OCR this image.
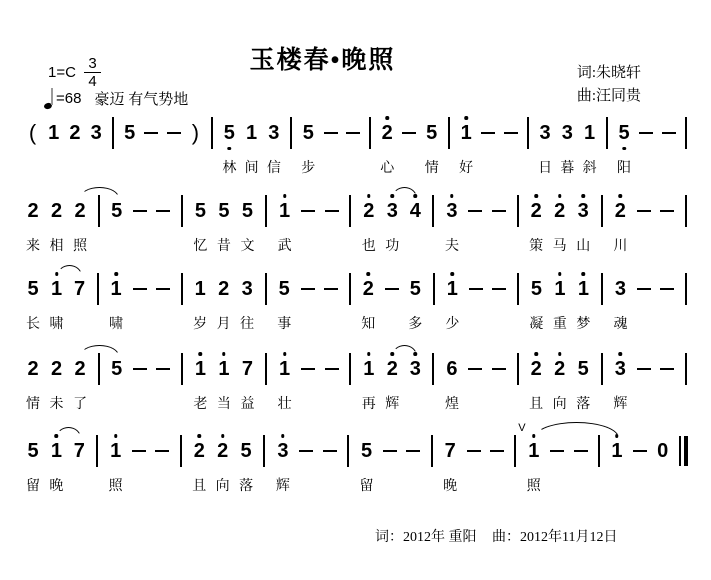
玉楼春•晚照	词:朱晓轩
曲:汪同贵
$1=C \frac{3}{4}$
=68 豪迈 有气势地
( 1 2 3 5	) 5
林
1
间
3
信
5
步
2
心
5
情
1
好
3
日
3
暮
1
斜
5
阳
2
来
2
相
2
照
5	5
忆
5
昔
5
文
1
武
2
也
3
功
4 3
夫
2
策
2
马
3
山
2
川
5
长
1
啸
7 1
啸
1
岁
2
月
3
往
5
事
2
知
5
多
1
少
5
凝
1
重
1
梦
3
魂
2
情
2
未
2
了
5	1
老
1
当
7
益
1
壮
1
再
2
辉
3 6
煌
2
且
2
向
5
落
3
辉
5
留
1
晚
7 1
照
2
且
2
向
5
落
3
辉
5
留
7
晚
1
V
照
1 0
词：2012年 重阳 曲：2012年11月12日
